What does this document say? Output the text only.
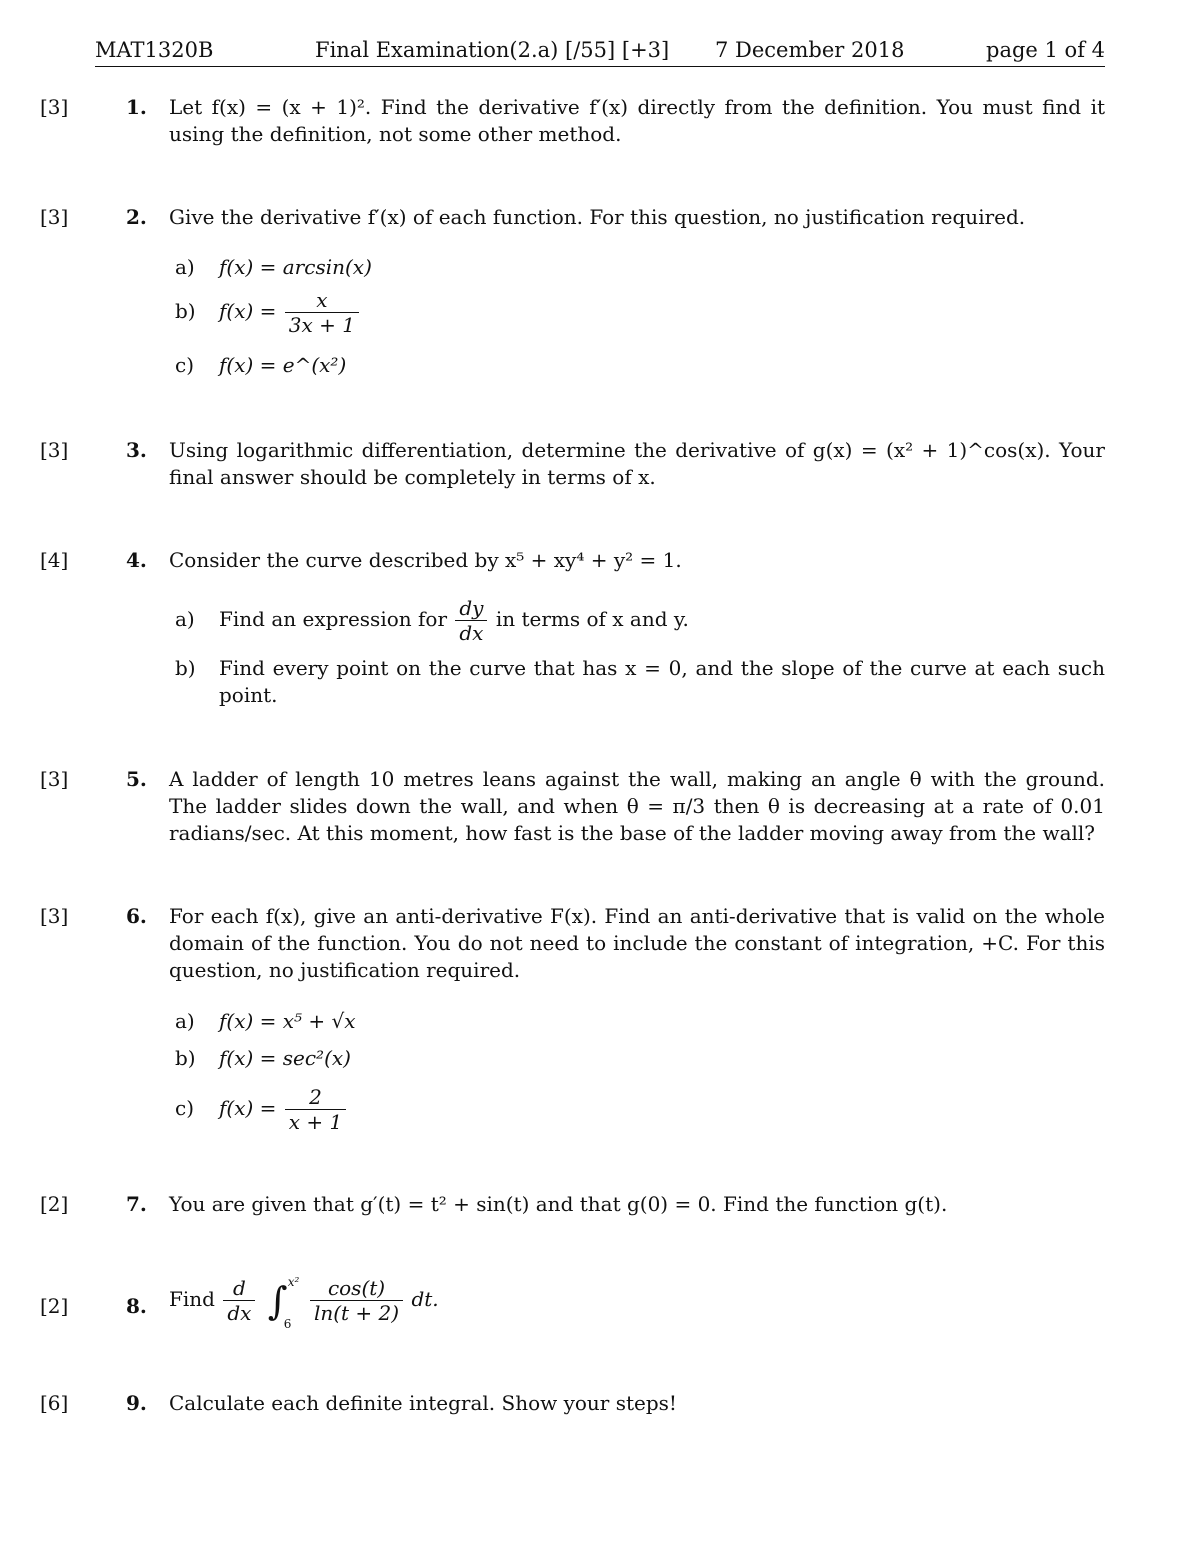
MAT1320B	Final Examination(2.a) [/55] [+3] 7 December 2018	page 1 of 4
[3]	1. Let f(x) = (x + 1)². Find the derivative f′(x) directly from the definition. You must find it using the definition, not some other method.
[3]	2. Give the derivative f′(x) of each function. For this question, no justification required.
a) f(x) = arcsin(x)
b) $f(x) = \frac{x}{3x + 1}$
c) f(x) = e^(x²)
[3]	3. Using logarithmic differentiation, determine the derivative of g(x) = (x² + 1)^cos(x). Your final answer should be completely in terms of x.
[4]	4. Consider the curve described by x⁵ + xy⁴ + y² = 1.
a) Find an expression for $\frac{dy}{dx}$ in terms of x and y.
b) Find every point on the curve that has x = 0, and the slope of the curve at each such point.
[3]	5. A ladder of length 10 metres leans against the wall, making an angle θ with the ground. The ladder slides down the wall, and when θ = π/3 then θ is decreasing at a rate of 0.01 radians/sec. At this moment, how fast is the base of the ladder moving away from the wall?
[3]	6. For each f(x), give an anti-derivative F(x). Find an anti-derivative that is valid on the whole domain of the function. You do not need to include the constant of integration, +C. For this question, no justification required.
a) f(x) = x⁵ + √x
b) f(x) = sec²(x)
c) $f(x) = \frac{2}{x + 1}$
[2]	7. You are given that g′(t) = t² + sin(t) and that g(0) = 0. Find the function g(t).
[2]	8. Find $\frac{d}{dx}$ ∫ x²
6
$\frac{\cos(t)}{\ln(t + 2)}$ dt.
[6]	9. Calculate each definite integral. Show your steps!
